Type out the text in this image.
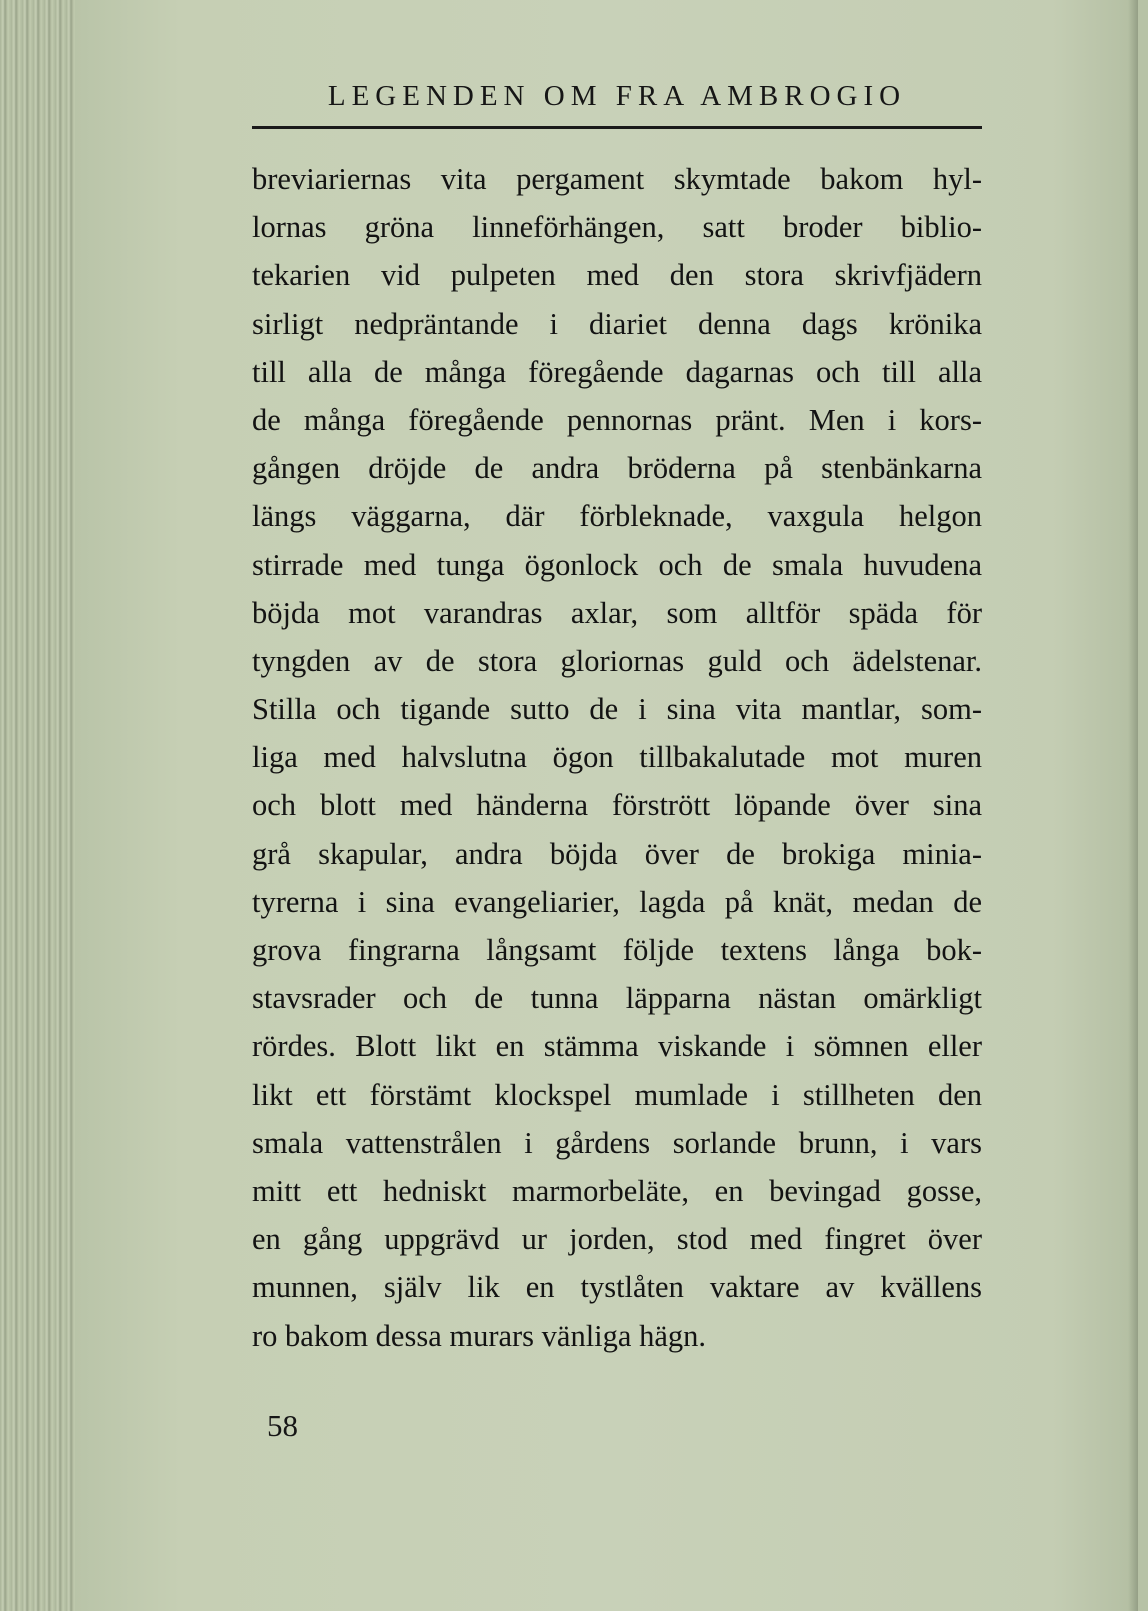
LEGENDEN OM FRA AMBROGIO
breviariernas vita pergament skymtade bakom hyl-
lornas gröna linneförhängen, satt broder biblio-
tekarien vid pulpeten med den stora skrivfjädern
sirligt nedpräntande i diariet denna dags krönika
till alla de många föregående dagarnas och till alla
de många föregående pennornas pränt. Men i kors-
gången dröjde de andra bröderna på stenbänkarna
längs väggarna, där förbleknade, vaxgula helgon
stirrade med tunga ögonlock och de smala huvudena
böjda mot varandras axlar, som alltför späda för
tyngden av de stora gloriornas guld och ädelstenar.
Stilla och tigande sutto de i sina vita mantlar, som-
liga med halvslutna ögon tillbakalutade mot muren
och blott med händerna förstrött löpande över sina
grå skapular, andra böjda över de brokiga minia-
tyrerna i sina evangeliarier, lagda på knät, medan de
grova fingrarna långsamt följde textens långa bok-
stavsrader och de tunna läpparna nästan omärkligt
rördes. Blott likt en stämma viskande i sömnen eller
likt ett förstämt klockspel mumlade i stillheten den
smala vattenstrålen i gårdens sorlande brunn, i vars
mitt ett hedniskt marmorbeläte, en bevingad gosse,
en gång uppgrävd ur jorden, stod med fingret över
munnen, själv lik en tystlåten vaktare av kvällens
ro bakom dessa murars vänliga hägn.
58
